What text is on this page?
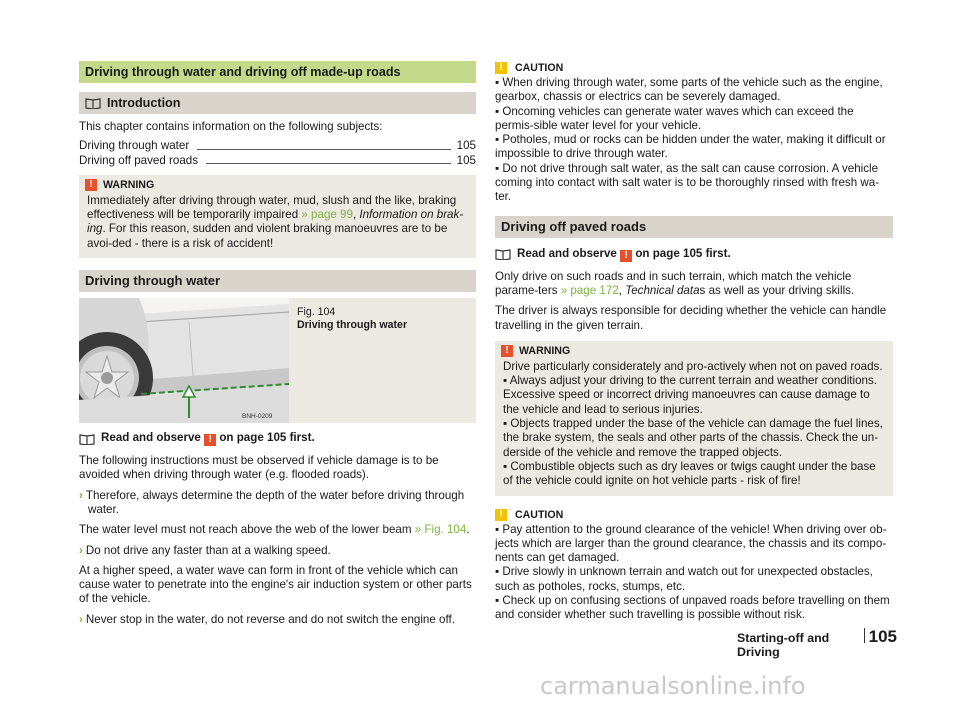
Driving through water and driving off made-up roads
Introduction

This chapter contains information on the following subjects:

Driving through water	105
Driving off paved roads	105
! WARNING

Immediately after driving through water, mud, slush and the like, braking effectiveness will be temporarily impaired » page 99, Information on brak-ing. For this reason, sudden and violent braking manoeuvres are to be avoi-ded - there is a risk of accident!

Driving through water
BNH-0209
Fig. 104
Driving through water
Read and observe ! on page 105 first.

The following instructions must be observed if vehicle damage is to be avoided when driving through water (e.g. flooded roads).

› Therefore, always determine the depth of the water before driving through water.

The water level must not reach above the web of the lower beam » Fig. 104.

› Do not drive any faster than at a walking speed.

At a higher speed, a water wave can form in front of the vehicle which can cause water to penetrate into the engine's air induction system or other parts of the vehicle.

› Never stop in the water, do not reverse and do not switch the engine off.

!	CAUTION

▪ When driving through water, some parts of the vehicle such as the engine, gearbox, chassis or electrics can be severely damaged.

▪ Oncoming vehicles can generate water waves which can exceed the permis-sible water level for your vehicle.

▪ Potholes, mud or rocks can be hidden under the water, making it difficult or impossible to drive through water.

▪ Do not drive through salt water, as the salt can cause corrosion. A vehicle coming into contact with salt water is to be thoroughly rinsed with fresh wa-ter.

Driving off paved roads
Read and observe ! on page 105 first.

Only drive on such roads and in such terrain, which match the vehicle parame-ters » page 172, Technical datas as well as your driving skills.

The driver is always responsible for deciding whether the vehicle can handle travelling in the given terrain.

! WARNING

Drive particularly considerately and pro-actively when not on paved roads.

▪ Always adjust your driving to the current terrain and weather conditions. Excessive speed or incorrect driving manoeuvres can cause damage to the vehicle and lead to serious injuries.

▪ Objects trapped under the base of the vehicle can damage the fuel lines, the brake system, the seals and other parts of the chassis. Check the un-derside of the vehicle and remove the trapped objects.

▪ Combustible objects such as dry leaves or twigs caught under the base of the vehicle could ignite on hot vehicle parts - risk of fire!

!	CAUTION

▪ Pay attention to the ground clearance of the vehicle! When driving over ob-jects which are larger than the ground clearance, the chassis and its compo-nents can get damaged.

▪ Drive slowly in unknown terrain and watch out for unexpected obstacles, such as potholes, rocks, stumps, etc.

▪ Check up on confusing sections of unpaved roads before travelling on them and consider whether such travelling is possible without risk.

Starting-off and Driving
105
carmanualsonline.info
